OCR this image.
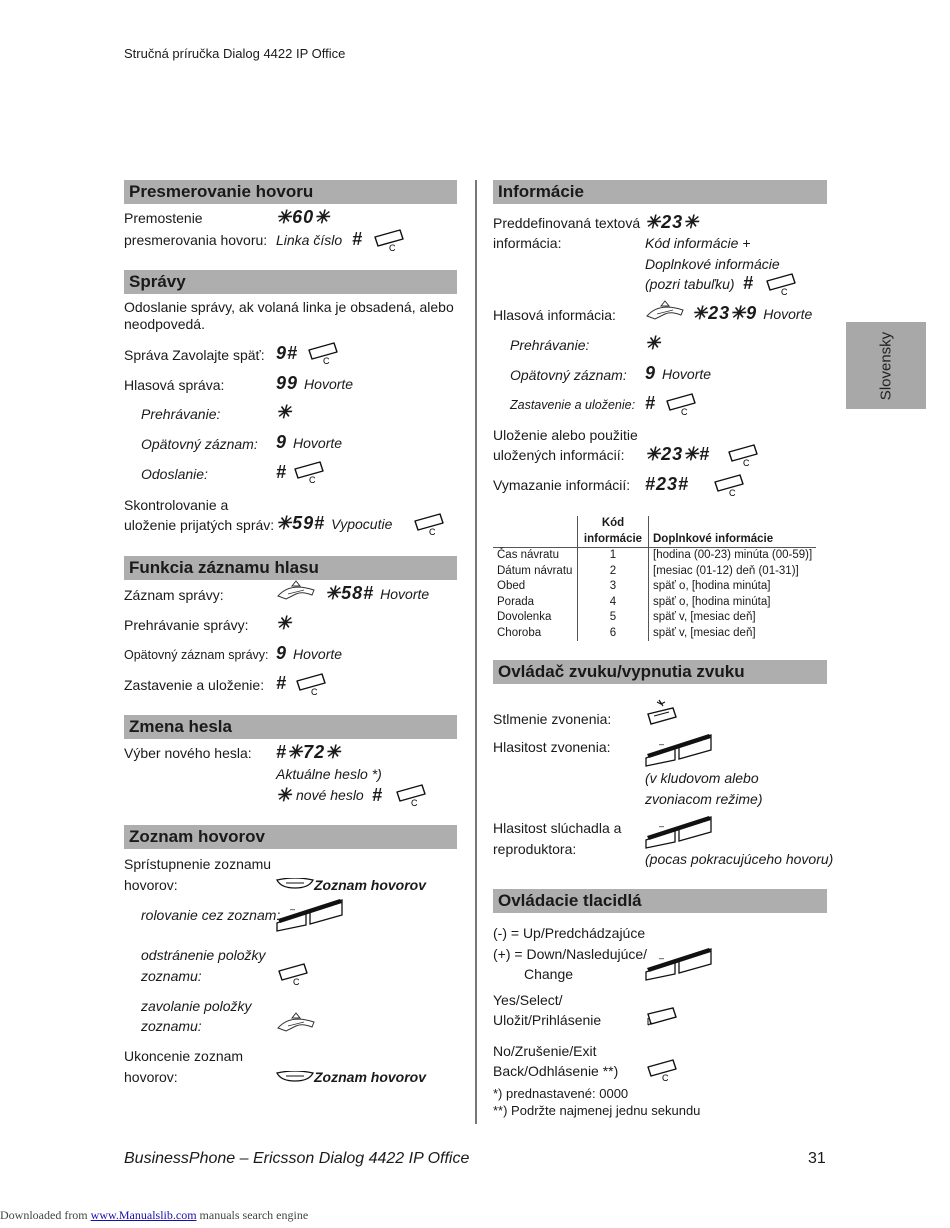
Stručná príručka Dialog 4422 IP Office
Slovensky
Presmerovanie hovoru
Premostenie
presmerovania hovoru:
✳60✳
Linka číslo #	C
Správy
Odoslanie správy, ak volaná linka je obsadená, alebo
neodpovedá.
Správa Zavolajte späť: 9#	C
Hlasová správa:	99 Hovorte
Prehrávanie:	✳
Opätovný záznam: 9 Hovorte
Odoslanie:	# C
Skontrolovanie a
uloženie prijatých správ: ✳59# Vypocutie	C
Funkcia záznamu hlasu
Záznam správy:	✳58# Hovorte
Prehrávanie správy: ✳
Opätovný záznam správy: 9 Hovorte
Zastavenie a uloženie: #	C
Zmena hesla
Výber nového hesla: #✳72✳
Aktuálne heslo *)
✳ nové heslo #	C
Zoznam hovorov
Sprístupnenie zoznamu
hovorov:	Zoznam hovorov
rolovanie cez zoznam: –	+
odstránenie položky
zoznamu:	C
zavolanie položky
zoznamu:
Ukoncenie zoznam
hovorov:	Zoznam hovorov
Informácie
Preddefinovaná textová
informácia:
✳23✳
Kód informácie +
Doplnkové informácie
(pozri tabuľku) #	C
Hlasová informácia:	✳23✳9 Hovorte
Prehrávanie:	✳
Opätovný záznam: 9 Hovorte
Zastavenie a uloženie: #	C
Uloženie alebo použitie
uložených informácií: ✳23✳#	C
Vymazanie informácií: #23#	C
	Kód
informácie	Doplnkové informácie
Čas návratu	1	[hodina (00-23) minúta (00-59)]
Dátum návratu	2	[mesiac (01-12) deň (01-31)]
Obed	3	späť o, [hodina minúta]
Porada	4	späť o, [hodina minúta]
Dovolenka	5	späť v, [mesiac deň]
Choroba	6	späť v, [mesiac deň]
Ovládač zvuku/vypnutia zvuku
Stlmenie zvonenia:
Hlasitost zvonenia:	–	+
(v kludovom alebo
zvoniacom režime)
Hlasitost slúchadla a
reproduktora:
–	+
(pocas pokracujúceho hovoru)
Ovládacie tlacidlá
(-) = Up/Predchádzajúce
(+) = Down/Nasledujúce/
Change
–	+
Yes/Select/
Uložit/Prihlásenie
No/Zrušenie/Exit
Back/Odhlásenie **)	C
*) prednastavené: 0000
**) Podržte najmenej jednu sekundu
BusinessPhone – Ericsson Dialog 4422 IP Office	31
Downloaded from www.Manualslib.com manuals search engine
